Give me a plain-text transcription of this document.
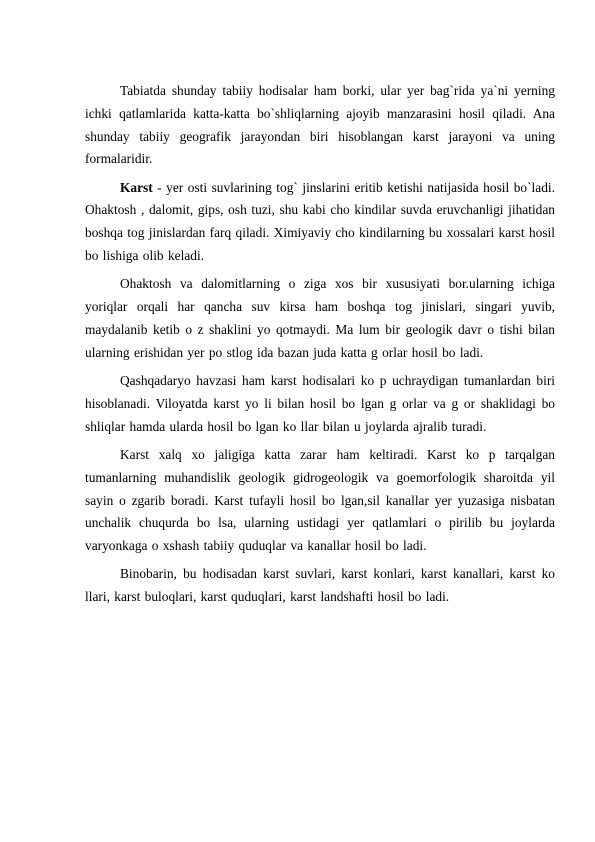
Tabiatda shunday tabiiy hodisalar ham borki, ular yer bag`rida ya`ni yerning ichki qatlamlarida katta-katta bo`shliqlarning ajoyib manzarasini hosil qiladi. Ana shunday tabiiy geografik jarayondan biri hisoblangan karst jarayoni va uning formalaridir.

Karst - yer osti suvlarining tog` jinslarini eritib ketishi natijasida hosil bo`ladi. Ohaktosh , dalomit, gips, osh tuzi, shu kabi cho kindilar suvda eruvchanligi jihatidan boshqa tog jinislardan farq qiladi. Ximiyaviy cho kindilarning bu xossalari karst hosil bo lishiga olib keladi.

Ohaktosh va dalomitlarning o ziga xos bir xususiyati bor.ularning ichiga yoriqlar orqali har qancha suv kirsa ham boshqa tog jinislari, singari yuvib, maydalanib ketib o z shaklini yo qotmaydi. Ma lum bir geologik davr o tishi bilan ularning erishidan yer po stlog ida bazan juda katta g orlar hosil bo ladi.

Qashqadaryo havzasi ham karst hodisalari ko p uchraydigan tumanlardan biri hisoblanadi. Viloyatda karst yo li bilan hosil bo lgan g orlar va g or shaklidagi bo shliqlar hamda ularda hosil bo lgan ko llar bilan u joylarda ajralib turadi.

Karst xalq xo jaligiga katta zarar ham keltiradi. Karst ko p tarqalgan tumanlarning muhandislik geologik gidrogeologik va goemorfologik sharoitda yil sayin o zgarib boradi. Karst tufayli hosil bo lgan,sil kanallar yer yuzasiga nisbatan unchalik chuqurda bo lsa, ularning ustidagi yer qatlamlari o pirilib bu joylarda varyonkaga o xshash tabiiy quduqlar va kanallar hosil bo ladi.

Binobarin, bu hodisadan karst suvlari, karst konlari, karst kanallari, karst ko llari, karst buloqlari, karst quduqlari, karst landshafti hosil bo ladi.
